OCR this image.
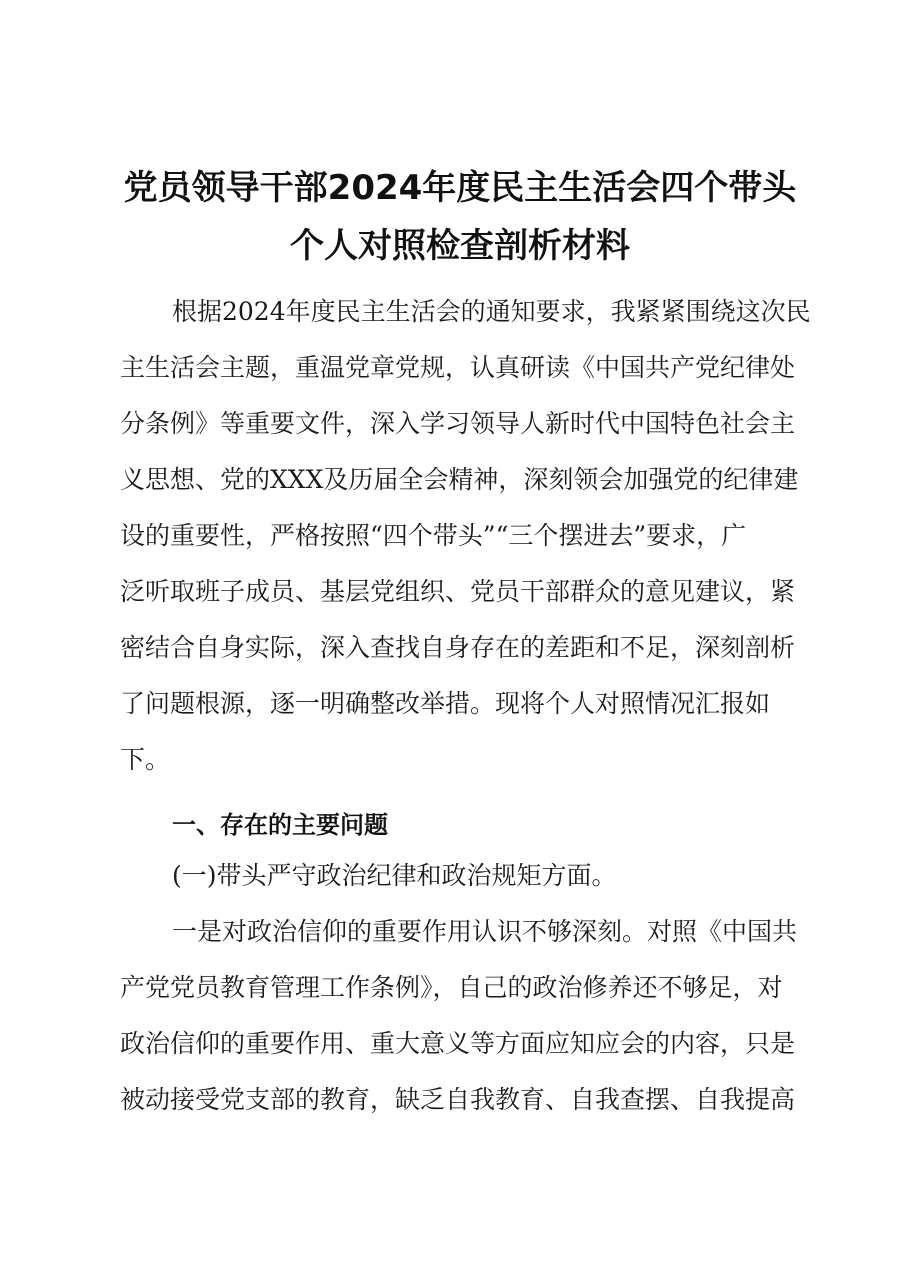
党员领导干部2024年度民主生活会四个带头
个人对照检查剖析材料
根据2024年度民主生活会的通知要求，我紧紧围绕这次民
主生活会主题，重温党章党规，认真研读《中国共产党纪律处
分条例》等重要文件，深入学习领导人新时代中国特色社会主
义思想、党的XXX及历届全会精神，深刻领会加强党的纪律建
设的重要性，严格按照“四个带头”“三个摆进去”要求，广
泛听取班子成员、基层党组织、党员干部群众的意见建议，紧
密结合自身实际，深入查找自身存在的差距和不足，深刻剖析
了问题根源，逐一明确整改举措。现将个人对照情况汇报如
下。
一、存在的主要问题
(一)带头严守政治纪律和政治规矩方面。
一是对政治信仰的重要作用认识不够深刻。对照《中国共
产党党员教育管理工作条例》，自己的政治修养还不够足，对
政治信仰的重要作用、重大意义等方面应知应会的内容，只是
被动接受党支部的教育，缺乏自我教育、自我查摆、自我提高
